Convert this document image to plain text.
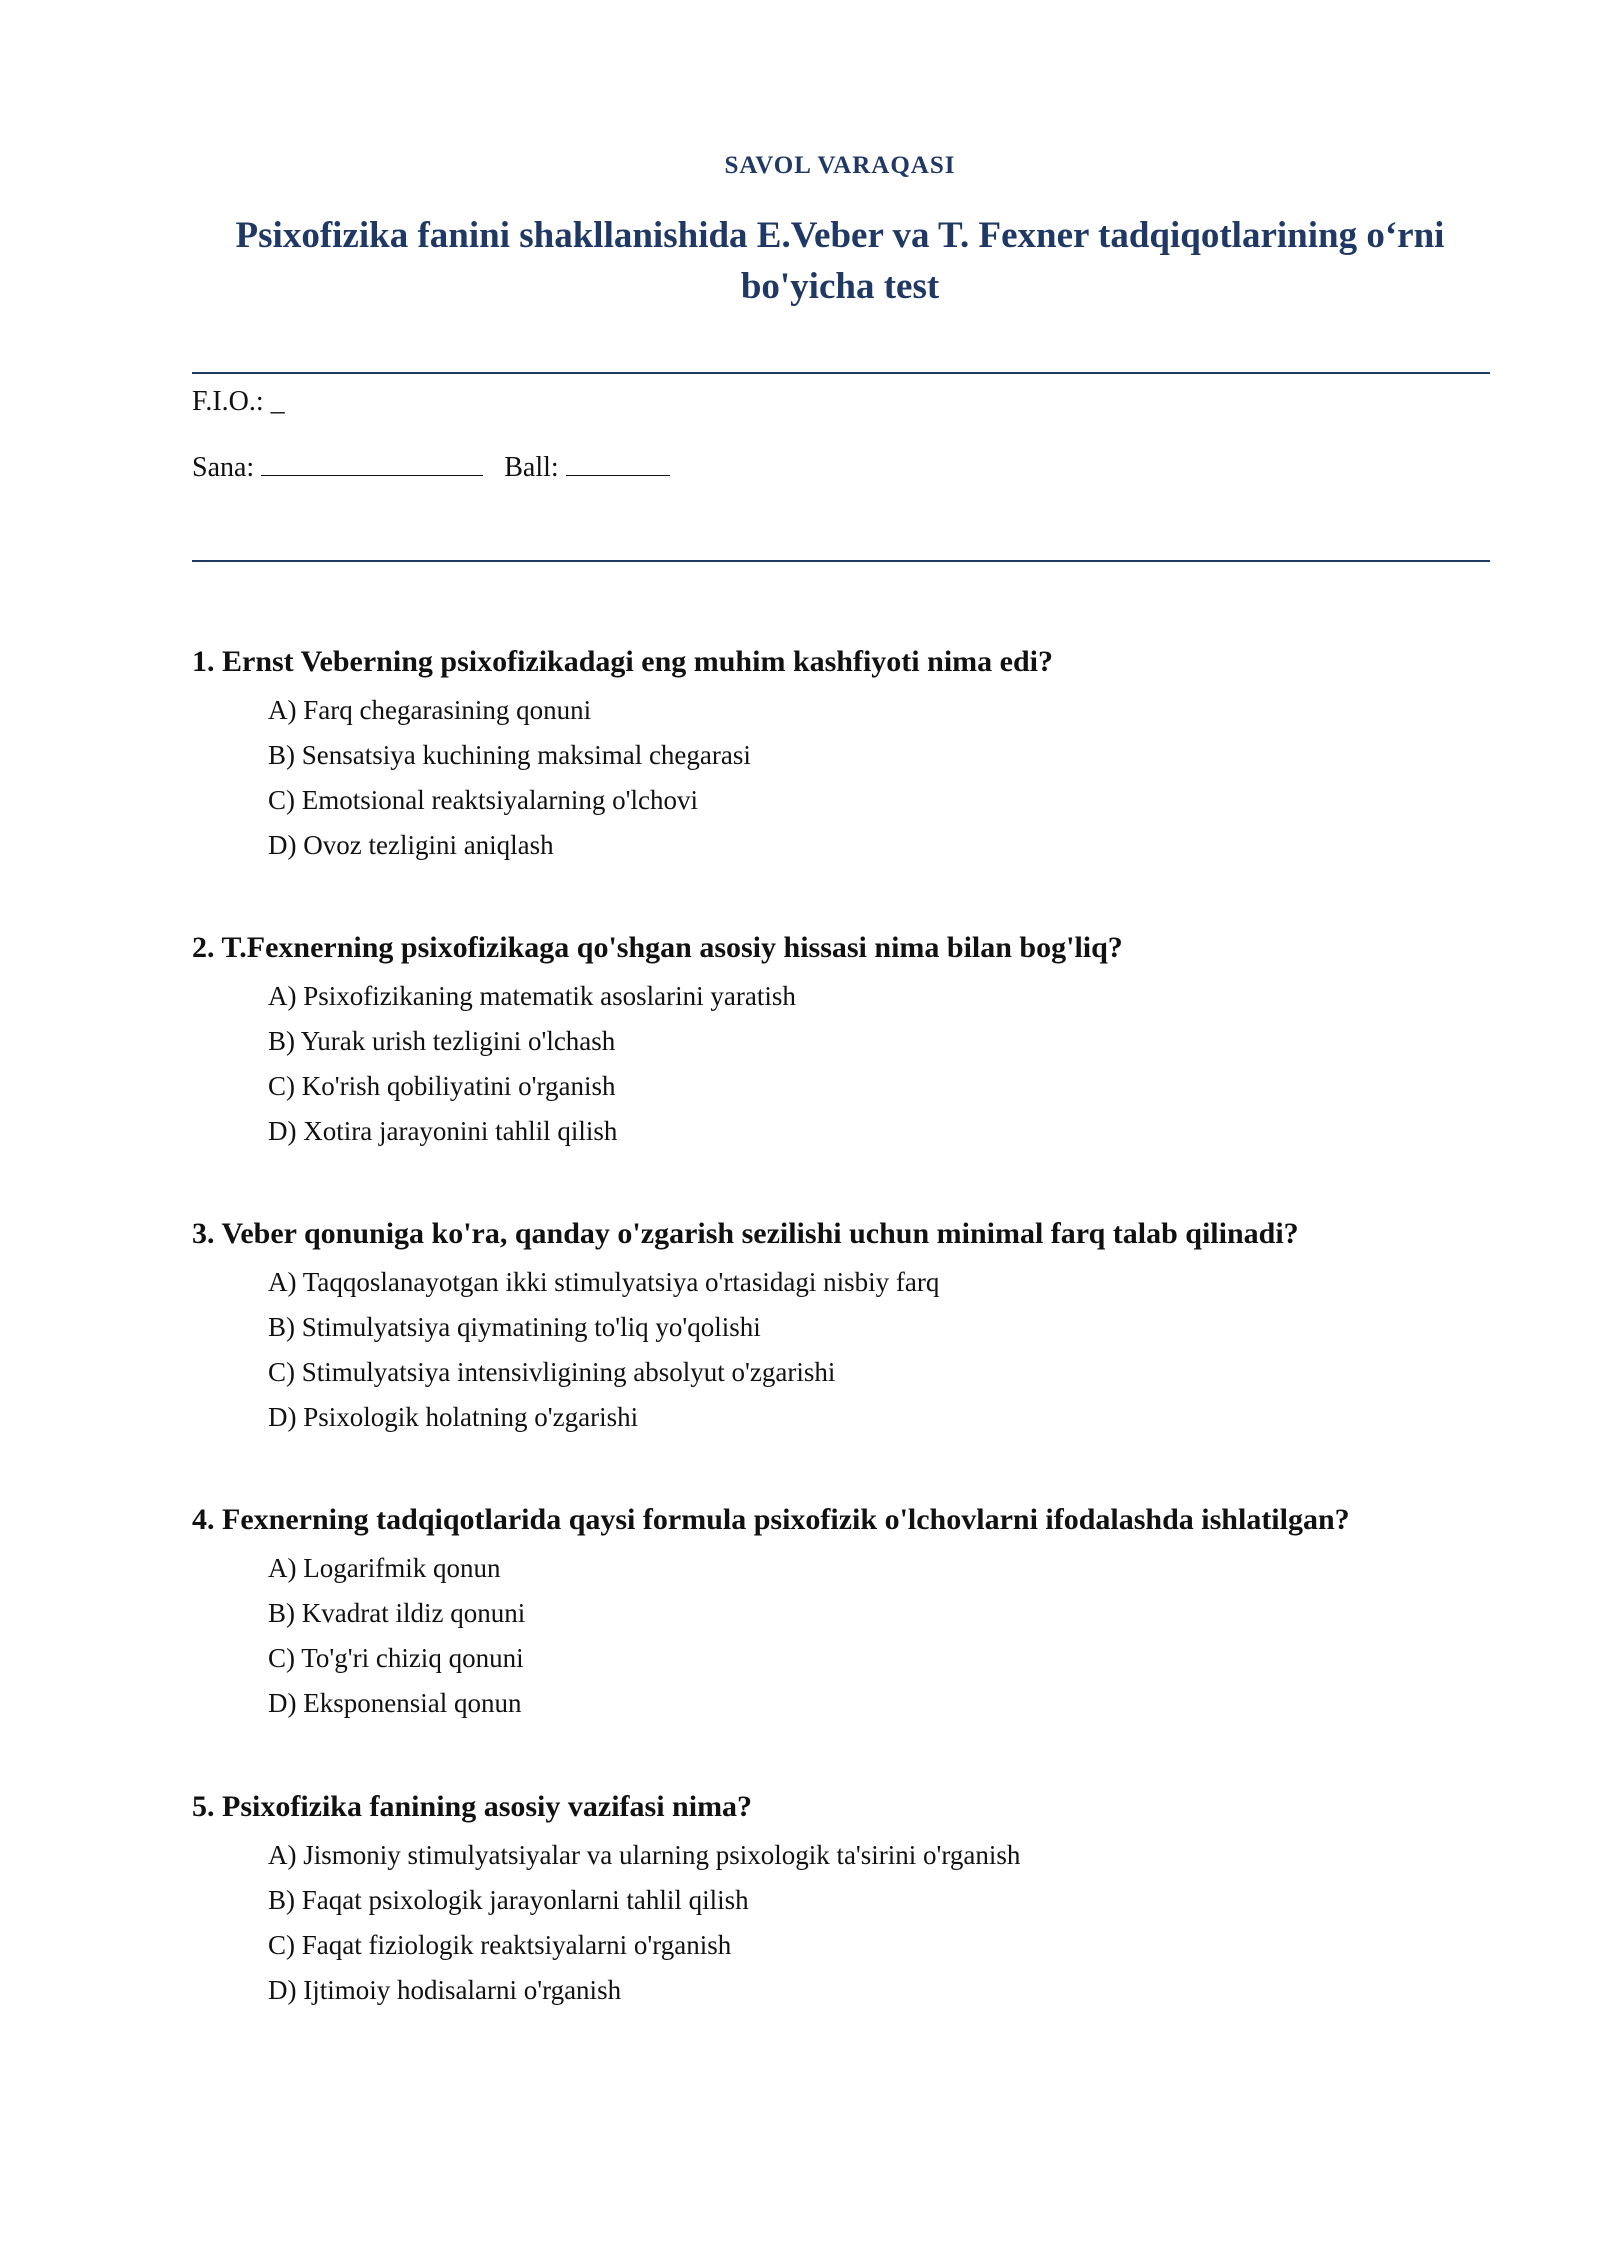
SAVOL VARAQASI
Psixofizika fanini shakllanishida E.Veber va T. Fexner tadqiqotlarining o‘rni bo'yicha test
F.I.O.: _
Sana:	Ball:
1. Ernst Veberning psixofizikadagi eng muhim kashfiyoti nima edi?
A) Farq chegarasining qonuni
B) Sensatsiya kuchining maksimal chegarasi
C) Emotsional reaktsiyalarning o'lchovi
D) Ovoz tezligini aniqlash
2. T.Fexnerning psixofizikaga qo'shgan asosiy hissasi nima bilan bog'liq?
A) Psixofizikaning matematik asoslarini yaratish
B) Yurak urish tezligini o'lchash
C) Ko'rish qobiliyatini o'rganish
D) Xotira jarayonini tahlil qilish
3. Veber qonuniga ko'ra, qanday o'zgarish sezilishi uchun minimal farq talab qilinadi?
A) Taqqoslanayotgan ikki stimulyatsiya o'rtasidagi nisbiy farq
B) Stimulyatsiya qiymatining to'liq yo'qolishi
C) Stimulyatsiya intensivligining absolyut o'zgarishi
D) Psixologik holatning o'zgarishi
4. Fexnerning tadqiqotlarida qaysi formula psixofizik o'lchovlarni ifodalashda ishlatilgan?
A) Logarifmik qonun
B) Kvadrat ildiz qonuni
C) To'g'ri chiziq qonuni
D) Eksponensial qonun
5. Psixofizika fanining asosiy vazifasi nima?
A) Jismoniy stimulyatsiyalar va ularning psixologik ta'sirini o'rganish
B) Faqat psixologik jarayonlarni tahlil qilish
C) Faqat fiziologik reaktsiyalarni o'rganish
D) Ijtimoiy hodisalarni o'rganish
